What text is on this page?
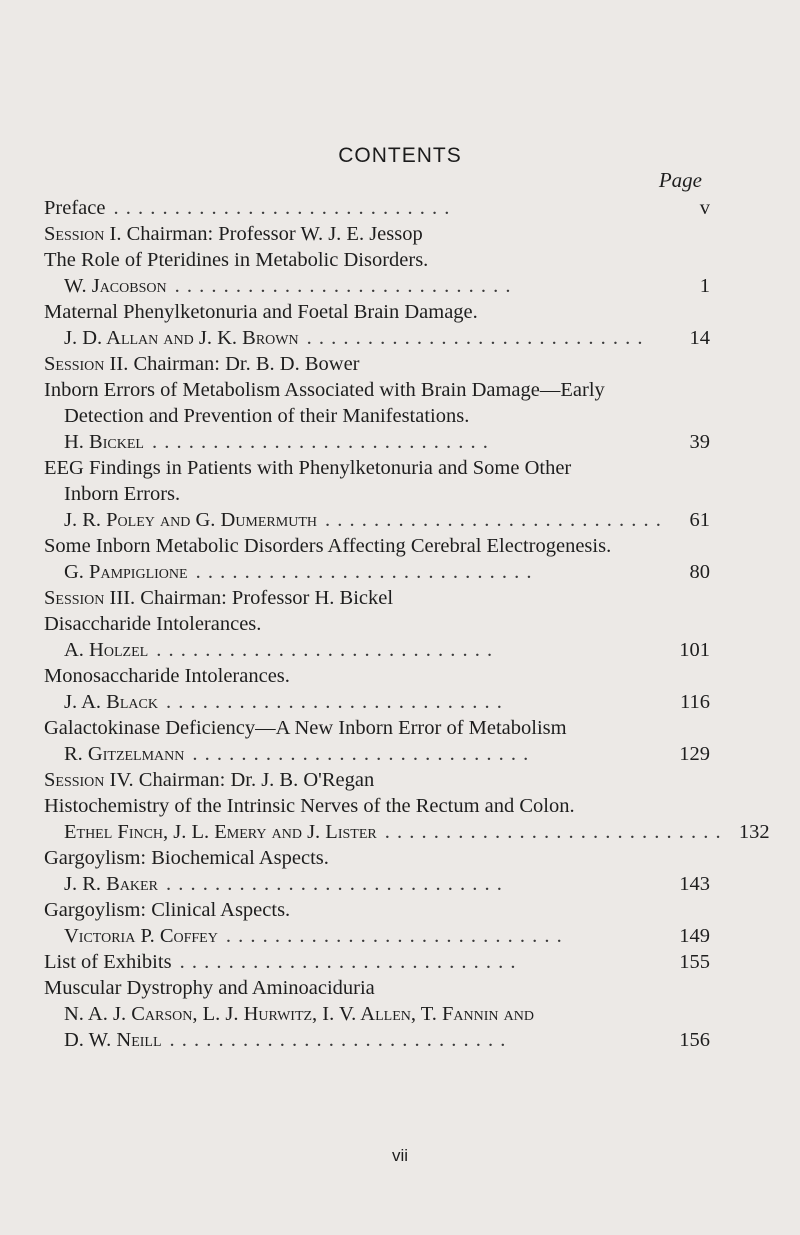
CONTENTS
Page
Preface . . . . . . . . . . . . . . . . . . . . . . . . . . . .	v
Session I. Chairman: Professor W. J. E. Jessop
The Role of Pteridines in Metabolic Disorders.
W. Jacobson . . . . . . . . . . . . . . . . . . . . . . . . . . . .	1
Maternal Phenylketonuria and Foetal Brain Damage.
J. D. Allan and J. K. Brown . . . . . . . . . . . . . . . . . . . . . . . . . . . .	14
Session II. Chairman: Dr. B. D. Bower
Inborn Errors of Metabolism Associated with Brain Damage—Early
Detection and Prevention of their Manifestations.
H. Bickel . . . . . . . . . . . . . . . . . . . . . . . . . . . .	39
EEG Findings in Patients with Phenylketonuria and Some Other
Inborn Errors.
J. R. Poley and G. Dumermuth . . . . . . . . . . . . . . . . . . . . . . . . . . . .	61
Some Inborn Metabolic Disorders Affecting Cerebral Electrogenesis.
G. Pampiglione . . . . . . . . . . . . . . . . . . . . . . . . . . . .	80
Session III. Chairman: Professor H. Bickel
Disaccharide Intolerances.
A. Holzel . . . . . . . . . . . . . . . . . . . . . . . . . . . .	101
Monosaccharide Intolerances.
J. A. Black . . . . . . . . . . . . . . . . . . . . . . . . . . . .	116
Galactokinase Deficiency—A New Inborn Error of Metabolism
R. Gitzelmann . . . . . . . . . . . . . . . . . . . . . . . . . . . .	129
Session IV. Chairman: Dr. J. B. O'Regan
Histochemistry of the Intrinsic Nerves of the Rectum and Colon.
Ethel Finch, J. L. Emery and J. Lister . . . . . . . . . . . . . . . . . . . . . . . . . . . . 132
Gargoylism: Biochemical Aspects.
J. R. Baker . . . . . . . . . . . . . . . . . . . . . . . . . . . .	143
Gargoylism: Clinical Aspects.
Victoria P. Coffey . . . . . . . . . . . . . . . . . . . . . . . . . . . .	149
List of Exhibits . . . . . . . . . . . . . . . . . . . . . . . . . . . .	155
Muscular Dystrophy and Aminoaciduria
N. A. J. Carson, L. J. Hurwitz, I. V. Allen, T. Fannin and
D. W. Neill . . . . . . . . . . . . . . . . . . . . . . . . . . . .	156
vii
